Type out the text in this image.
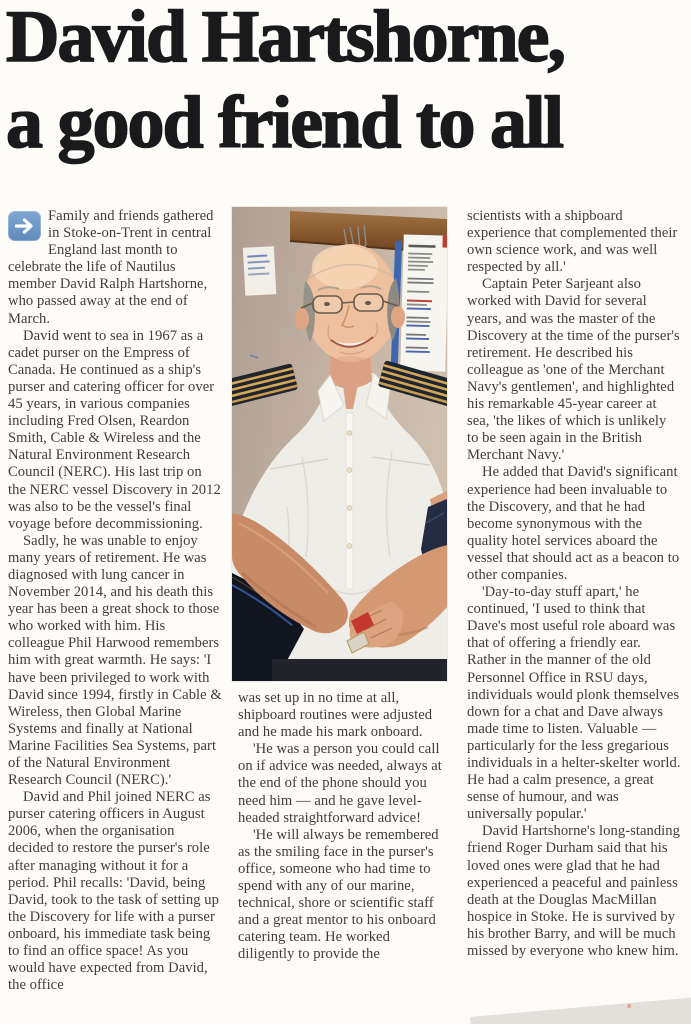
David Hartshorne,
a good friend to all

Family and friends gathered in Stoke-on-Trent in central England last month to celebrate the life of Nautilus member David Ralph Hartshorne, who passed away at the end of March.

David went to sea in 1967 as a cadet purser on the Empress of Canada. He continued as a ship's purser and catering officer for over 45 years, in various companies including Fred Olsen, Reardon Smith, Cable & Wireless and the Natural Environment Research Council (NERC). His last trip on the NERC vessel Discovery in 2012 was also to be the vessel's final voyage before decommissioning.

Sadly, he was unable to enjoy many years of retirement. He was diagnosed with lung cancer in November 2014, and his death this year has been a great shock to those who worked with him. His colleague Phil Harwood remembers him with great warmth. He says: 'I have been privileged to work with David since 1994, firstly in Cable & Wireless, then Global Marine Systems and finally at National Marine Facilities Sea Systems, part of the Natural Environment Research Council (NERC).'

David and Phil joined NERC as purser catering officers in August 2006, when the organisation decided to restore the purser's role after managing without it for a period. Phil recalls: 'David, being David, took to the task of setting up the Discovery for life with a purser onboard, his immediate task being to find an office space! As you would have expected from David, the office

was set up in no time at all, shipboard routines were adjusted and he made his mark onboard.

'He was a person you could call on if advice was needed, always at the end of the phone should you need him — and he gave level-headed straightforward advice!

'He will always be remembered as the smiling face in the purser's office, someone who had time to spend with any of our marine, technical, shore or scientific staff and a great mentor to his onboard catering team. He worked diligently to provide the

scientists with a shipboard experience that complemented their own science work, and was well respected by all.'

Captain Peter Sarjeant also worked with David for several years, and was the master of the Discovery at the time of the purser's retirement. He described his colleague as 'one of the Merchant Navy's gentlemen', and highlighted his remarkable 45-year career at sea, 'the likes of which is unlikely to be seen again in the British Merchant Navy.'

He added that David's significant experience had been invaluable to the Discovery, and that he had become synonymous with the quality hotel services aboard the vessel that should act as a beacon to other companies.

'Day-to-day stuff apart,' he continued, 'I used to think that Dave's most useful role aboard was that of offering a friendly ear. Rather in the manner of the old Personnel Office in RSU days, individuals would plonk themselves down for a chat and Dave always made time to listen. Valuable — particularly for the less gregarious individuals in a helter-skelter world. He had a calm presence, a great sense of humour, and was universally popular.'

David Hartshorne's long-standing friend Roger Durham said that his loved ones were glad that he had experienced a peaceful and painless death at the Douglas MacMillan hospice in Stoke. He is survived by his brother Barry, and will be much missed by everyone who knew him.
